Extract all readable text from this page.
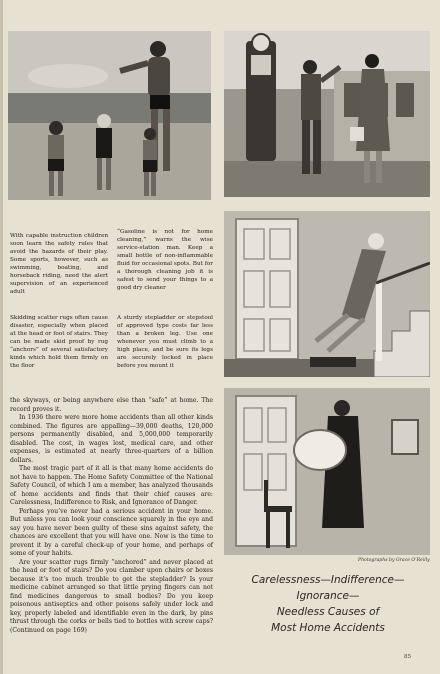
With capable instruction children soon learn the safety rules that avoid the hazards of their play. Some sports, however, such as swimming, boating, and horseback riding, need the alert supervision of an experienced adult
“Gasoline is not for home cleaning,” warns the wise service-station man. Keep a small bottle of non-inflammable fluid for occasional spots. But for a thorough cleaning job it is safest to send your things to a good dry cleaner
Skidding scatter rugs often cause disaster, especially when placed at the head or foot of stairs. They can be made skid proof by rug “anchors” of several satisfactory kinds which hold them firmly on the floor
A sturdy stepladder or stepstool of approved type costs far less than a broken leg. Use one whenever you must climb to a high place, and be sure its legs are securely locked in place before you mount it
Photographs by Grace O’Reilly

the skyways, or being anywhere else than “safe” at home. The record proves it.

In 1936 there were more home accidents than all other kinds combined. The figures are appalling—39,000 deaths, 120,000 persons permanently disabled, and 5,000,000 temporarily disabled. The cost, in wages lost, medical care, and other expenses, is estimated at nearly three-quarters of a billion dollars.

The most tragic part of it all is that many home accidents do not have to happen. The Home Safety Committee of the National Safety Council, of which I am a member, has analyzed thousands of home accidents and finds that their chief causes are: Carelessness, Indifference to Risk, and Ignorance of Danger.

Perhaps you’ve never had a serious accident in your home. But unless you can look your conscience squarely in the eye and say you have never been guilty of these sins against safety, the chances are excellent that you will have one. Now is the time to prevent it by a careful check-up of your home, and perhaps of some of your habits.

Are your scatter rugs firmly “anchored” and never placed at the head or foot of stairs? Do you clamber upon chairs or boxes because it’s too much trouble to get the stepladder? Is your medicine cabinet arranged so that little prying fingers can not find medicines dangerous to small bodies? Do you keep poisonous antiseptics and other poisons safely under lock and key, properly labeled and identifiable even in the dark, by pins thrust through the corks or bells tied to bottles with screw caps? (Continued on page 169)

Carelessness—Indifference—
Ignorance—
Needless Causes of
Most Home Accidents
85
